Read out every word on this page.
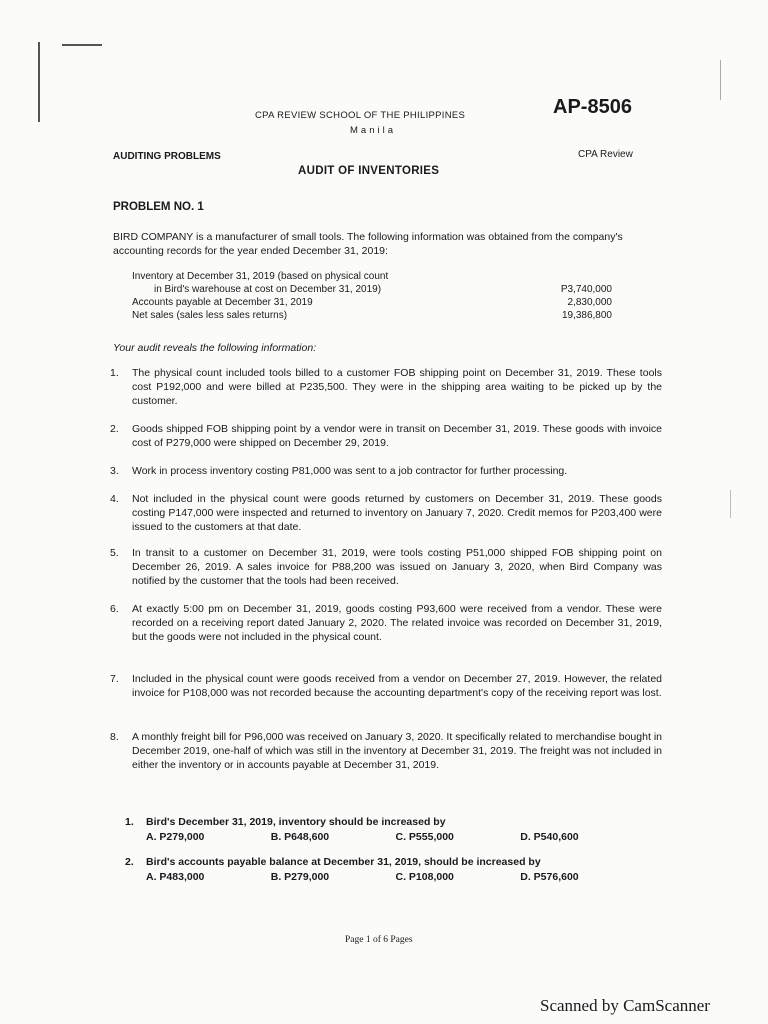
CPA REVIEW SCHOOL OF THE PHILIPPINES
Manila
AP-8506
AUDITING PROBLEMS	CPA Review
AUDIT OF INVENTORIES
PROBLEM NO. 1
BIRD COMPANY is a manufacturer of small tools. The following information was obtained from the company's accounting records for the year ended December 31, 2019:
Inventory at December 31, 2019 (based on physical count
in Bird's warehouse at cost on December 31, 2019)	P3,740,000
Accounts payable at December 31, 2019	2,830,000
Net sales (sales less sales returns)	19,386,800
Your audit reveals the following information:
1.	The physical count included tools billed to a customer FOB shipping point on December 31, 2019. These tools cost P192,000 and were billed at P235,500. They were in the shipping area waiting to be picked up by the customer.
2.	Goods shipped FOB shipping point by a vendor were in transit on December 31, 2019. These goods with invoice cost of P279,000 were shipped on December 29, 2019.
3.	Work in process inventory costing P81,000 was sent to a job contractor for further processing.
4.	Not included in the physical count were goods returned by customers on December 31, 2019. These goods costing P147,000 were inspected and returned to inventory on January 7, 2020. Credit memos for P203,400 were issued to the customers at that date.
5.	In transit to a customer on December 31, 2019, were tools costing P51,000 shipped FOB shipping point on December 26, 2019. A sales invoice for P88,200 was issued on January 3, 2020, when Bird Company was notified by the customer that the tools had been received.
6.	At exactly 5:00 pm on December 31, 2019, goods costing P93,600 were received from a vendor. These were recorded on a receiving report dated January 2, 2020. The related invoice was recorded on December 31, 2019, but the goods were not included in the physical count.
7.	Included in the physical count were goods received from a vendor on December 27, 2019. However, the related invoice for P108,000 was not recorded because the accounting department's copy of the receiving report was lost.
8.	A monthly freight bill for P96,000 was received on January 3, 2020. It specifically related to merchandise bought in December 2019, one-half of which was still in the inventory at December 31, 2019. The freight was not included in either the inventory or in accounts payable at December 31, 2019.
1.	Bird's December 31, 2019, inventory should be increased by
A. P279,000	B. P648,600	C. P555,000	D. P540,600
2.	Bird's accounts payable balance at December 31, 2019, should be increased by
A. P483,000	B. P279,000	C. P108,000	D. P576,600
Page 1 of 6 Pages
Scanned by CamScanner
